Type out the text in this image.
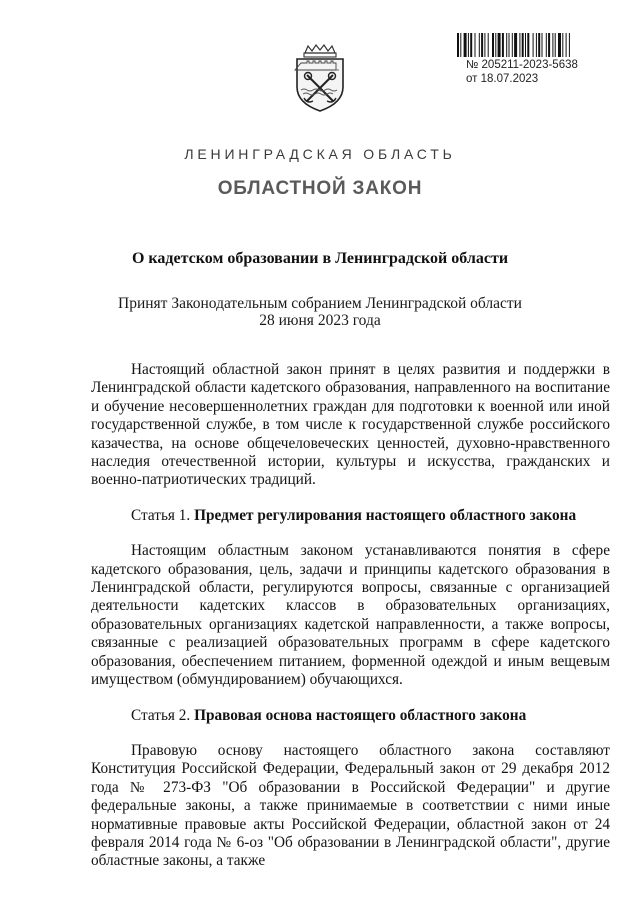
№ 205211-2023-5638
от 18.07.2023
ЛЕНИНГРАДСКАЯ ОБЛАСТЬ
ОБЛАСТНОЙ ЗАКОН
О кадетском образовании в Ленинградской области
Принят Законодательным собранием Ленинградской области
28 июня 2023 года

Настоящий областной закон принят в целях развития и поддержки в Ленинградской области кадетского образования, направленного на воспитание и обучение несовершеннолетних граждан для подготовки к военной или иной государственной службе, в том числе к государственной службе российского казачества, на основе общечеловеческих ценностей, духовно-нравственного наследия отечественной истории, культуры и искусства, гражданских и военно-патриотических традиций.

Статья 1. Предмет регулирования настоящего областного закона

Настоящим областным законом устанавливаются понятия в сфере кадетского образования, цель, задачи и принципы кадетского образования в Ленинградской области, регулируются вопросы, связанные с организацией деятельности кадетских классов в образовательных организациях, образовательных организациях кадетской направленности, а также вопросы, связанные с реализацией образовательных программ в сфере кадетского образования, обеспечением питанием, форменной одеждой и иным вещевым имуществом (обмундированием) обучающихся.

Статья 2. Правовая основа настоящего областного закона

Правовую основу настоящего областного закона составляют Конституция Российской Федерации, Федеральный закон от 29 декабря 2012 года № 273-ФЗ "Об образовании в Российской Федерации" и другие федеральные законы, а также принимаемые в соответствии с ними иные нормативные правовые акты Российской Федерации, областной закон от 24 февраля 2014 года № 6-оз "Об образовании в Ленинградской области", другие областные законы, а также
